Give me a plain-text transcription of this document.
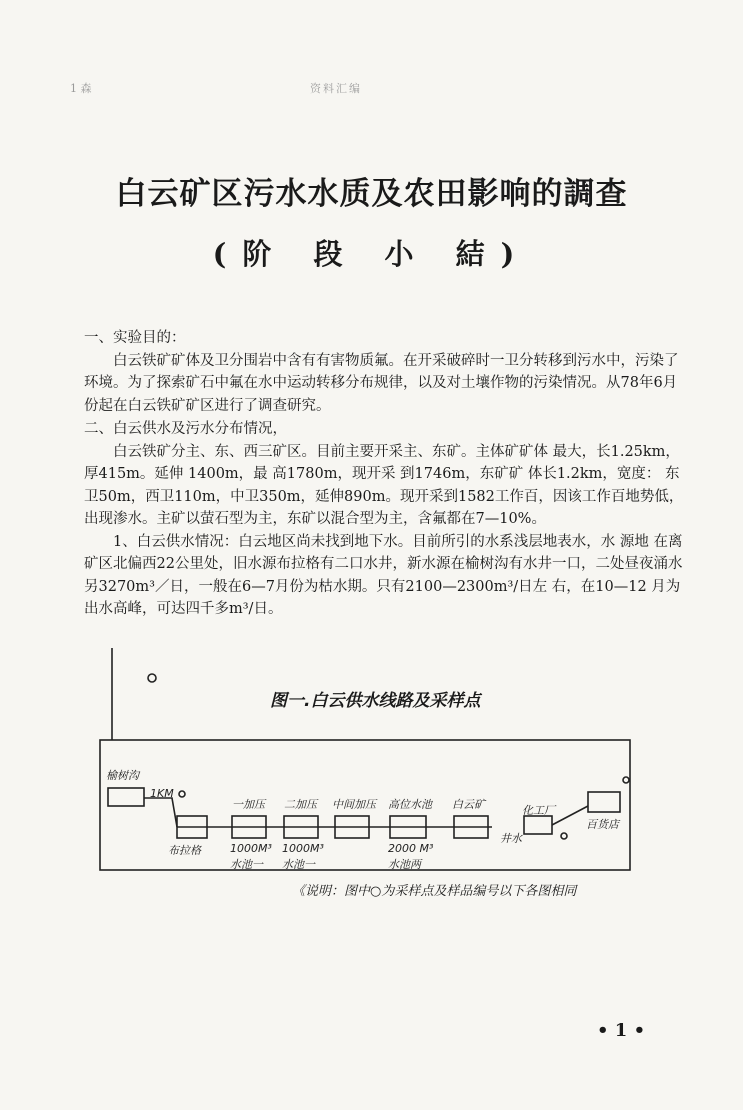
1 森	资料汇编
白云矿区污水水质及农田影响的調查
(阶 段 小 結)

一、实验目的：

白云铁矿矿体及卫分围岩中含有有害物质氟。在开采破碎时一卫分转移到污水中，污染了环境。为了探索矿石中氟在水中运动转移分布规律，以及对土壤作物的污染情况。从78年6月份起在白云铁矿矿区进行了调查研究。

二、白云供水及污水分布情况，

白云铁矿分主、东、西三矿区。目前主要开采主、东矿。主体矿矿体 最大，长1.25km，厚415m。延伸 1400m，最 高1780m，现开采 到1746m，东矿矿 体长1.2km，宽度： 东 卫50m，西卫110m，中卫350m，延伸890m。现开采到1582工作百，因该工作百地势低，出现渗水。主矿以萤石型为主，东矿以混合型为主，含氟都在7—10%。

1、白云供水情况：白云地区尚未找到地下水。目前所引的水系浅层地表水，水 源地 在离矿区北偏西22公里处，旧水源布拉格有二口水井，新水源在榆树沟有水井一口，二处昼夜涌水另3270m³／日，一般在6—7月份为枯水期。只有2100—2300m³/日左 右，在10—12 月为出水高峰，可达四千多m³/日。

图一.白云供水线路及采样点
榆树沟
1KM
一加压 二加压 中间加压 高位水池 白云矿
布拉格	1000M³
水池一
1000M³
水池一
2000 M³
水池两
化工厂
井水
百货店
《说明：图中○为采样点及样品编号以下各图相同
• 1 •
